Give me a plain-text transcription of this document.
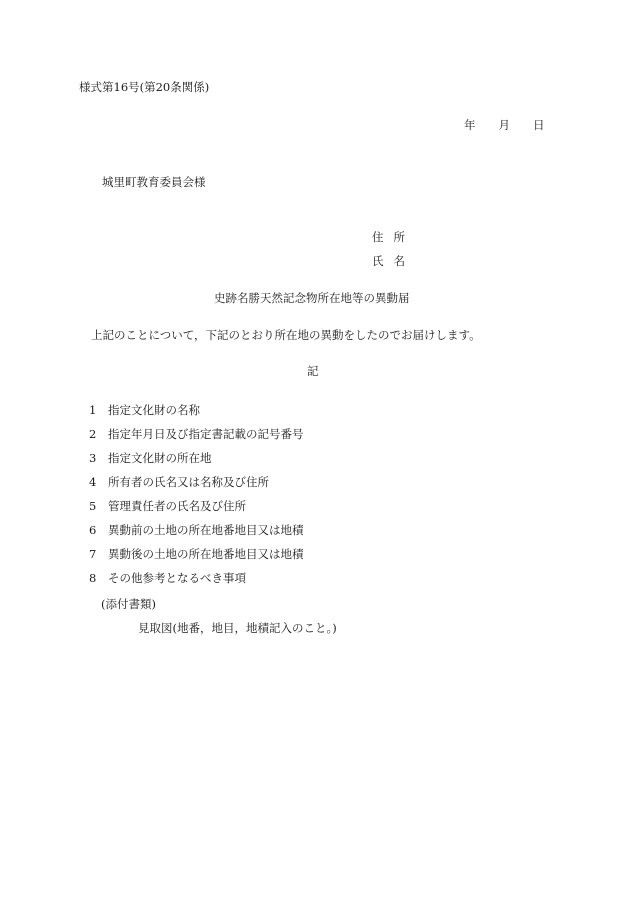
様式第16号(第20条関係)
年 月 日
城里町教育委員会様
住 所
氏 名
史跡名勝天然記念物所在地等の異動届
上記のことについて，下記のとおり所在地の異動をしたのでお届けします。
記
1 指定文化財の名称
2 指定年月日及び指定書記載の記号番号
3 指定文化財の所在地
4 所有者の氏名又は名称及び住所
5 管理責任者の氏名及び住所
6 異動前の土地の所在地番地目又は地積
7 異動後の土地の所在地番地目又は地積
8 その他参考となるべき事項
(添付書類)
見取図(地番，地目，地積記入のこと。)
